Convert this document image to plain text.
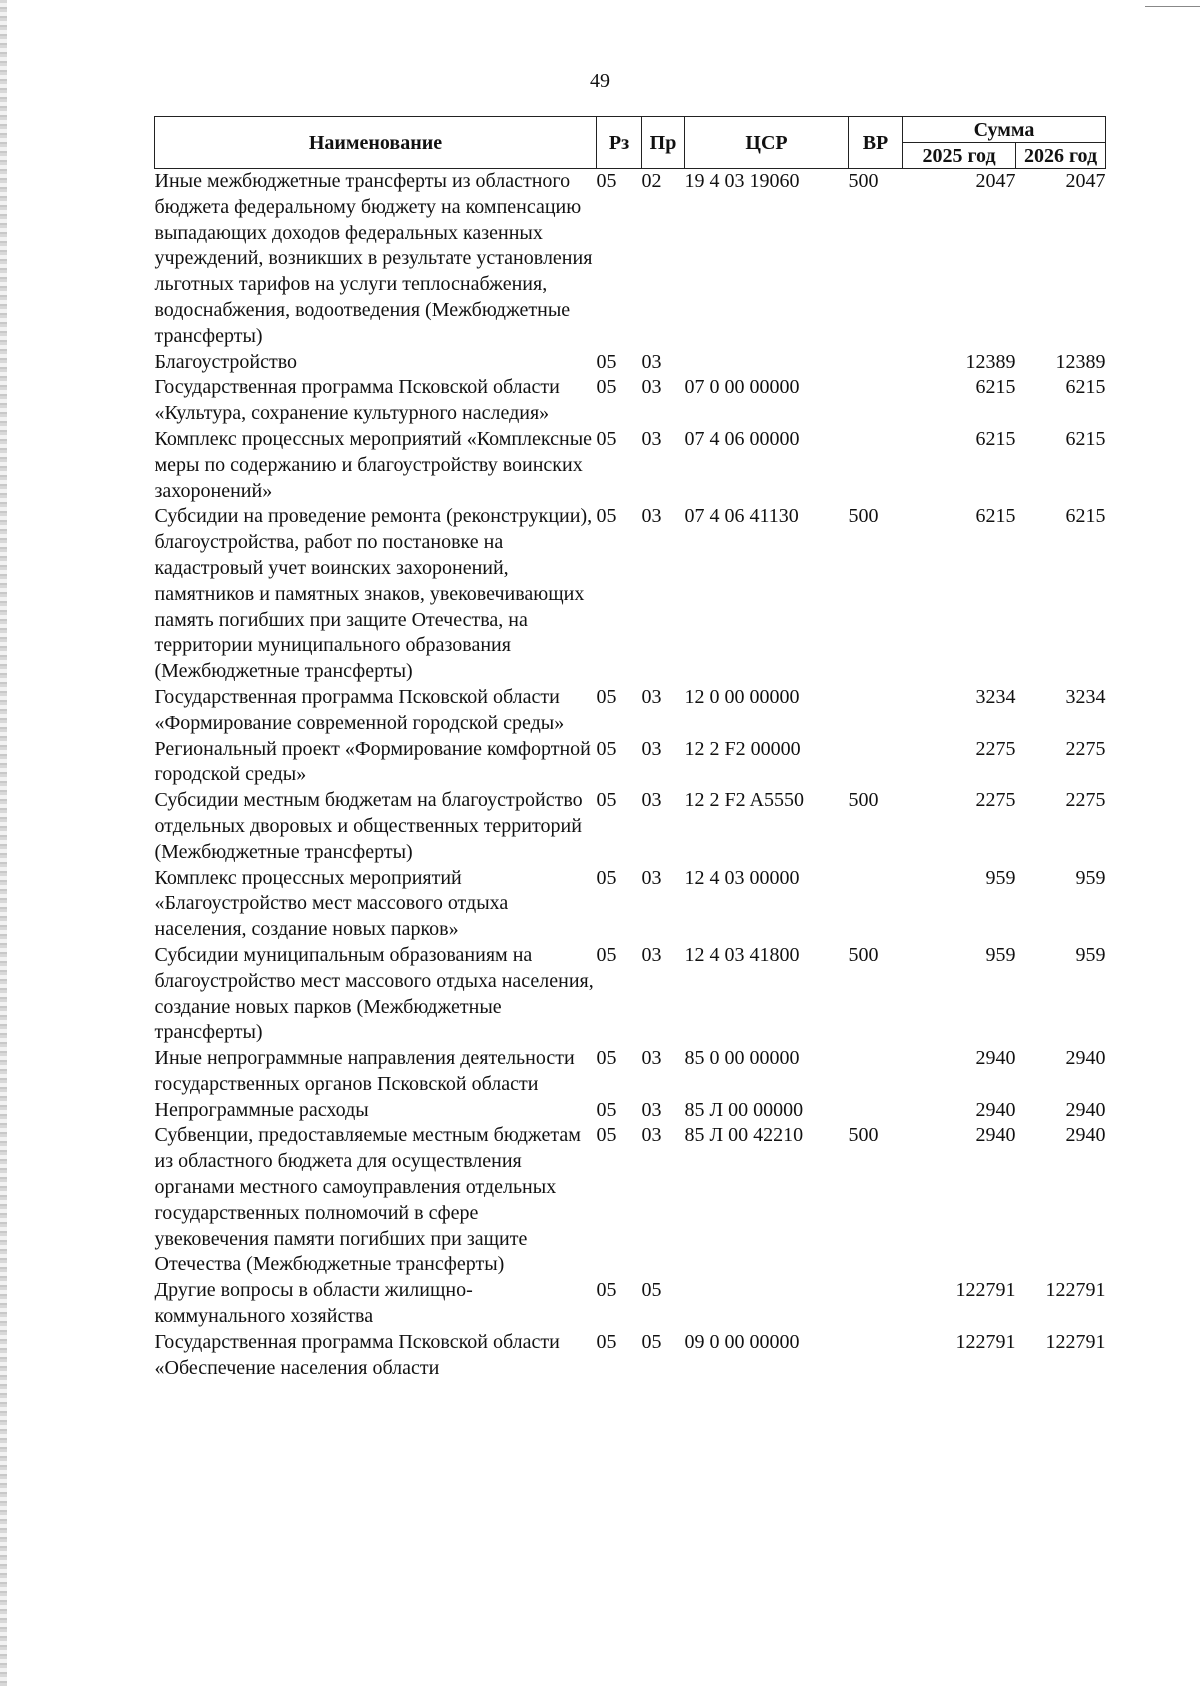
49
Наименование	Рз	Пр	ЦСР	ВР	Сумма	
					2025 год	2026 год
Иные межбюджетные трансферты из областного бюджета федеральному бюджету на компенсацию выпадающих доходов федеральных казенных учреждений, возникших в результате установления льготных тарифов на услуги теплоснабжения, водоснабжения, водоотведения (Межбюджетные трансферты)	05	02	19 4 03 19060	500	2047	2047
Благоустройство	05	03			12389	12389
Государственная программа Псковской области «Культура, сохранение культурного наследия»	05	03	07 0 00 00000		6215	6215
Комплекс процессных мероприятий «Комплексные меры по содержанию и благоустройству воинских захоронений»	05	03	07 4 06 00000		6215	6215
Субсидии на проведение ремонта (реконструкции), благоустройства, работ по постановке на кадастровый учет воинских захоронений, памятников и памятных знаков, увековечивающих память погибших при защите Отечества, на территории муниципального образования (Межбюджетные трансферты)	05	03	07 4 06 41130	500	6215	6215
Государственная программа Псковской области «Формирование современной городской среды»	05	03	12 0 00 00000		3234	3234
Региональный проект «Формирование комфортной городской среды»	05	03	12 2 F2 00000		2275	2275
Субсидии местным бюджетам на благоустройство отдельных дворовых и общественных территорий (Межбюджетные трансферты)	05	03	12 2 F2 A5550	500	2275	2275
Комплекс процессных мероприятий «Благоустройство мест массового отдыха населения, создание новых парков»	05	03	12 4 03 00000		959	959
Субсидии муниципальным образованиям на благоустройство мест массового отдыха населения, создание новых парков (Межбюджетные трансферты)	05	03	12 4 03 41800	500	959	959
Иные непрограммные направления деятельности государственных органов Псковской области	05	03	85 0 00 00000		2940	2940
Непрограммные расходы	05	03	85 Л 00 00000		2940	2940
Субвенции, предоставляемые местным бюджетам из областного бюджета для осуществления органами местного самоуправления отдельных государственных полномочий в сфере увековечения памяти погибших при защите Отечества (Межбюджетные трансферты)	05	03	85 Л 00 42210	500	2940	2940
Другие вопросы в области жилищно-коммунального хозяйства	05	05			122791	122791
Государственная программа Псковской области «Обеспечение населения области	05	05	09 0 00 00000		122791	122791
